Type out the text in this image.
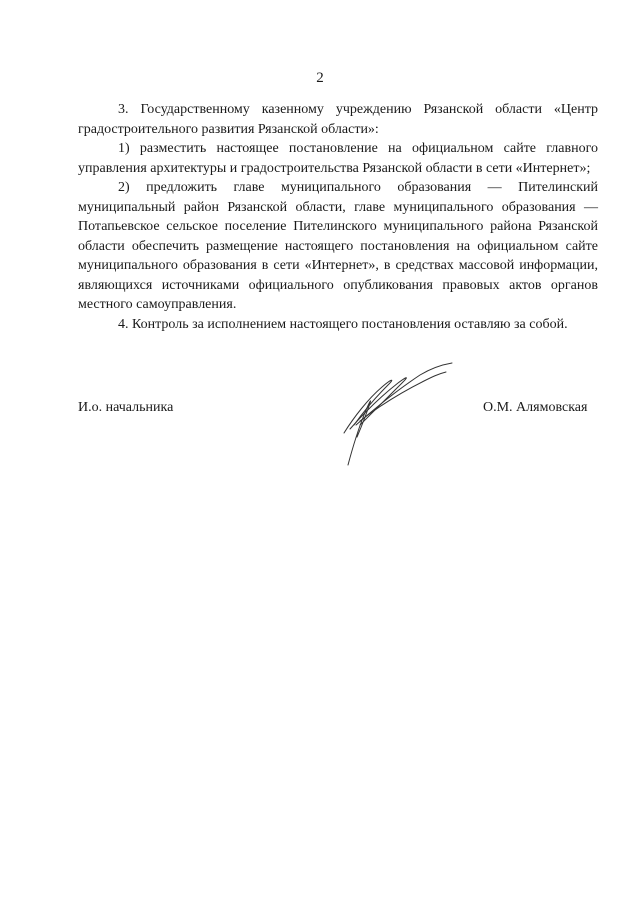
2

3. Государственному казенному учреждению Рязанской области «Центр градостроительного развития Рязанской области»:

1) разместить настоящее постановление на официальном сайте главного управления архитектуры и градостроительства Рязанской области в сети «Интернет»;

2) предложить главе муниципального образования — Пителинский муниципальный район Рязанской области, главе муниципального образования — Потапьевское сельское поселение Пителинского муниципального района Рязанской области обеспечить размещение настоящего постановления на официальном сайте муниципального образования в сети «Интернет», в средствах массовой информации, являющихся источниками официального опубликования правовых актов органов местного самоуправления.

4. Контроль за исполнением настоящего постановления оставляю за собой.

И.о. начальника	О.М. Алямовская
